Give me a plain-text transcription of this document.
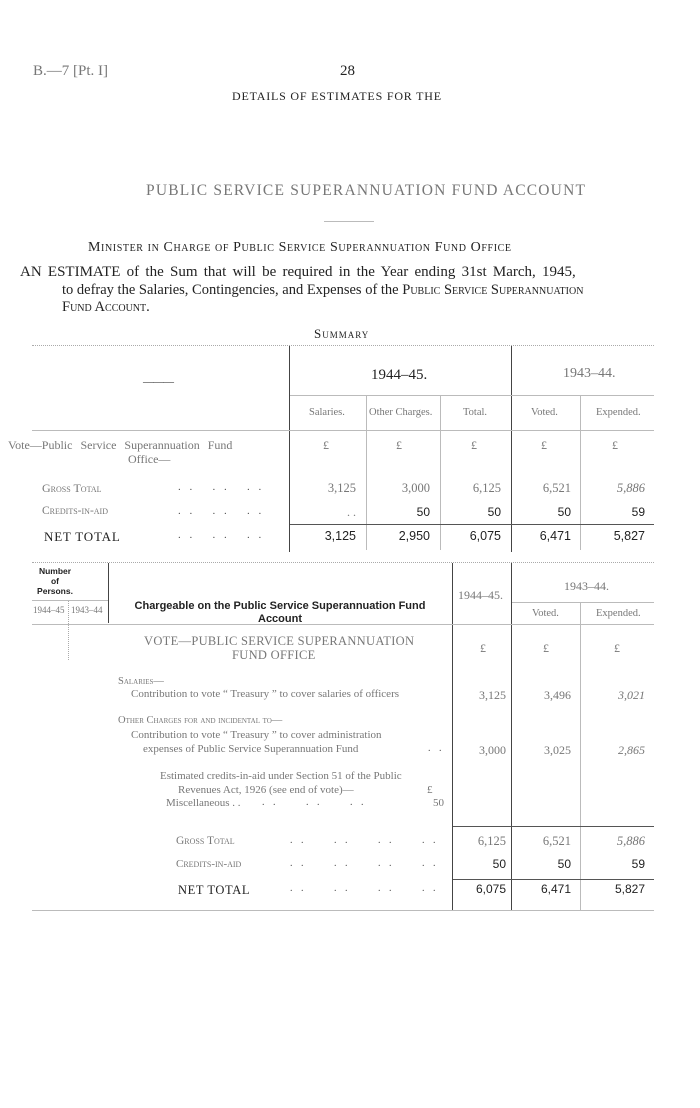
B.—7 [Pt. I]	28
DETAILS OF ESTIMATES FOR THE
PUBLIC SERVICE SUPERANNUATION FUND ACCOUNT
Minister in Charge of Public Service Superannuation Fund Office
AN ESTIMATE of the Sum that will be required in the Year ending 31st March, 1945,
to defray the Salaries, Contingencies, and Expenses of the Public Service Superannuation
Fund Account.
Summary
———	1944–45.	1943–44.
Salaries. Other Charges.	Total.	Voted.	Expended.
Vote—Public Service Superannuation Fund
Office—
£	£	£	£	£
Gross Total	. .   . .   . .	3,125	3,000	6,125	6,521	5,886
Credits-in-aid	. .   . .   . .	. .	50	50	50	59
NET TOTAL	. .   . .   . .	3,125	2,950	6,075	6,471	5,827
Number of Persons.
1944–45 1943–44	Chargeable on the Public Service Superannuation Fund
Account
1944–45.
1943–44.
Voted.	Expended.
VOTE—PUBLIC SERVICE SUPERANNUATION
FUND OFFICE	£	£	£
Salaries—
Contribution to vote “ Treasury ” to cover salaries of officers	3,125	3,496	3,021
Other Charges for and incidental to—
Contribution to vote “ Treasury ” to cover administration
expenses of Public Service Superannuation Fund	. .	3,000	3,025	2,865
Estimated credits-in-aid under Section 51 of the Public
Revenues Act, 1926 (see end of vote)—	£
Miscellaneous . . . .     . .     . .	50
Gross Total	. .     . .     . .     . .	6,125	6,521	5,886
Credits-in-aid	. .     . .     . .     . .	50	50	59
NET TOTAL	. .     . .     . .     . .	6,075	6,471	5,827
